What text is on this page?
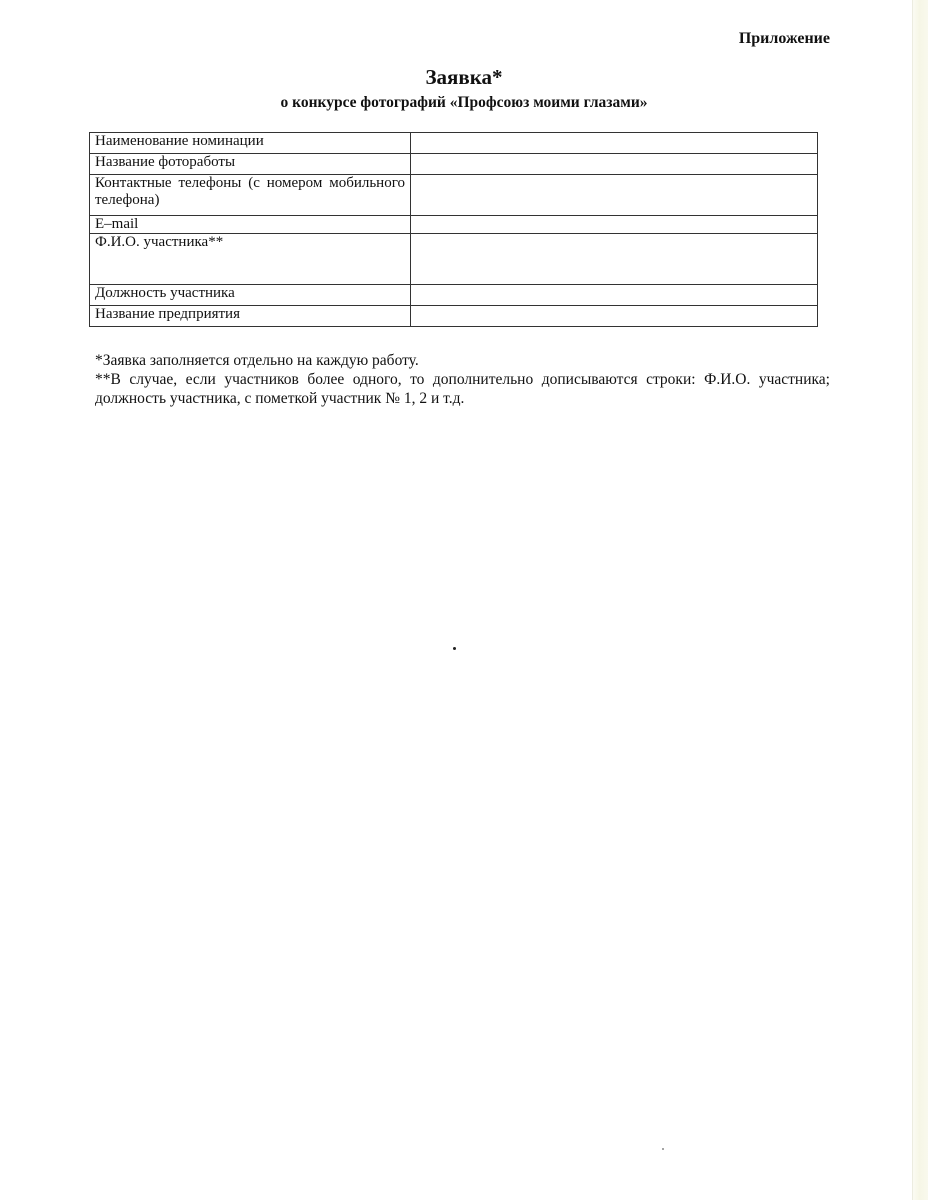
Приложение
Заявка*
о конкурсе фотографий «Профсоюз моими глазами»
Наименование номинации	
Название фоторaботы	
Контактные телефоны (с номером мобильного телефона)	
E–mail	
Ф.И.О. участника**	
Должность участника	
Название предприятия	

*Заявка заполняется отдельно на каждую работу.

**В случае, если участников более одного, то дополнительно дописываются строки: Ф.И.О. участника; должность участника, с пометкой участник № 1, 2 и т.д.
